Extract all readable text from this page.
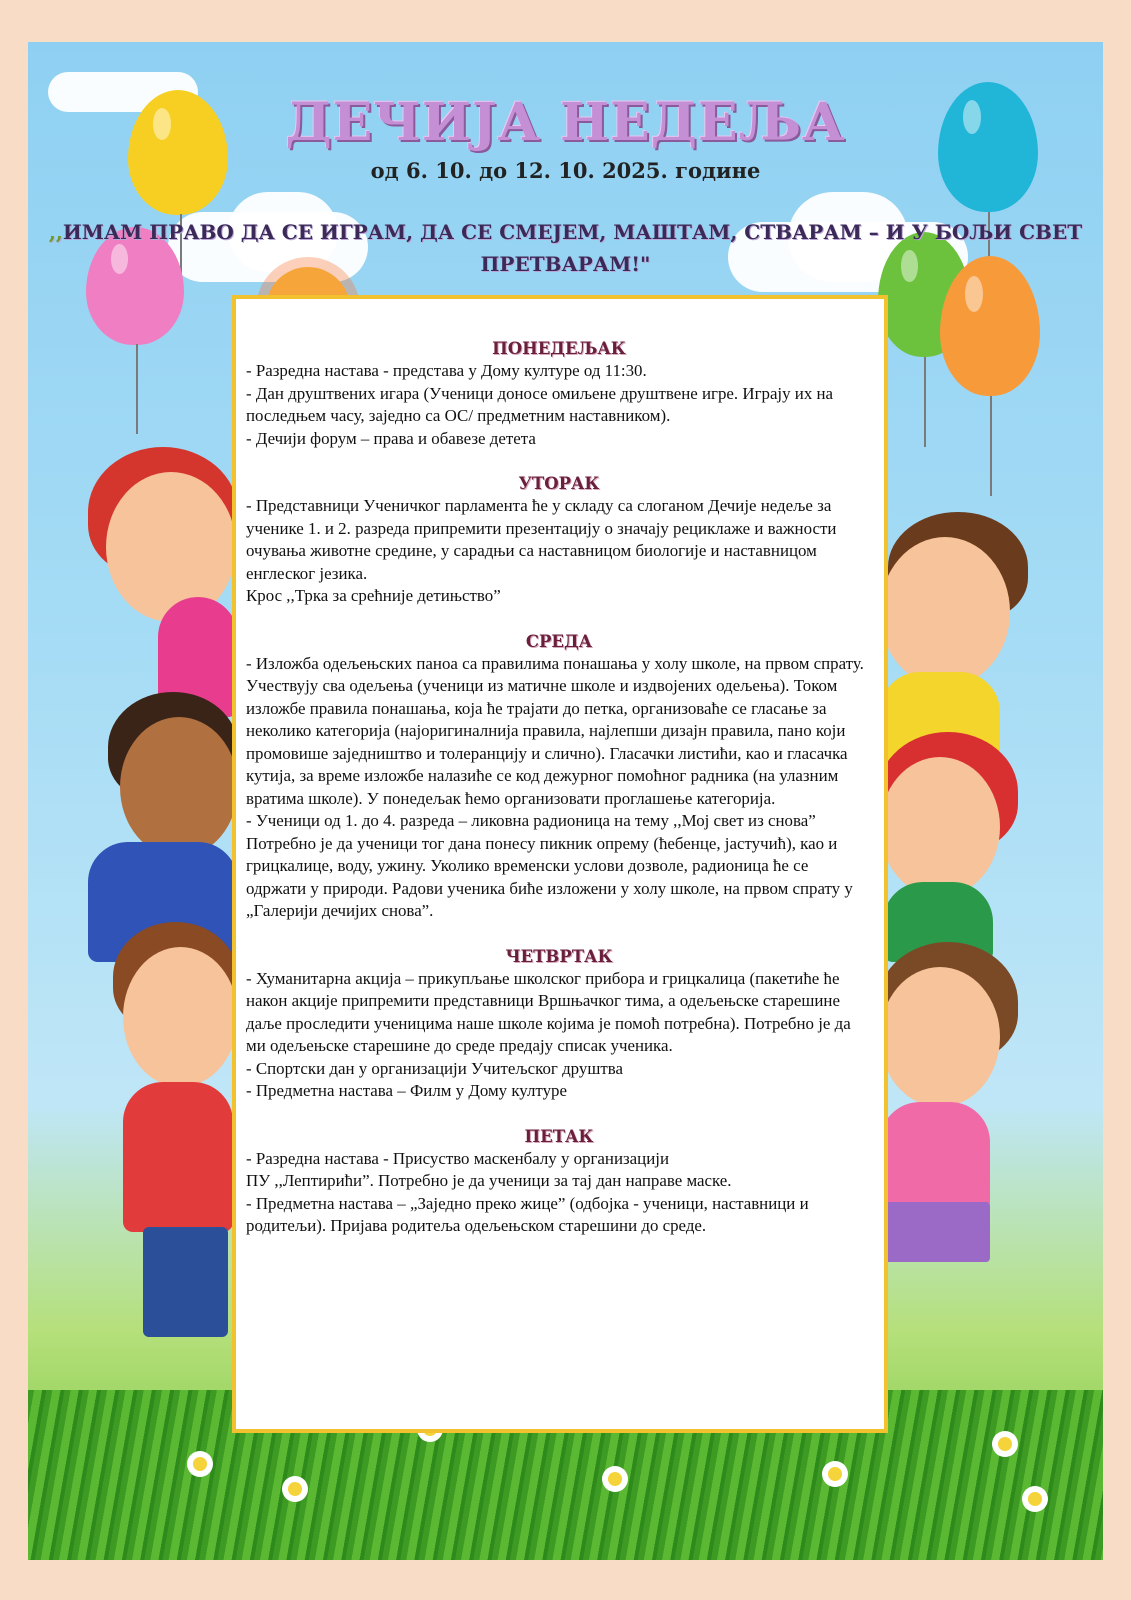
ДЕЧИЈА НЕДЕЉА
од 6. 10. до 12. 10. 2025. године
,,ИМАМ ПРАВО ДА СЕ ИГРАМ, ДА СЕ СМЕЈЕМ, МАШТАМ, СТВАРАМ – И У БОЉИ СВЕТ ПРЕТВАРАМ!"
ПОНЕДЕЉАК
- Разредна настава - представа у Дому културе од 11:30.
- Дан друштвених игара (Ученици доносе омиљене друштвене игре. Играју их на последњем часу, заједно са ОС/ предметним наставником).
- Дечији форум – права и обавезе детета
УТОРАК
- Представници Ученичког парламента ће у складу са слоганом Дечије недеље за ученике 1. и 2. разреда припремити презентацију о значају рециклаже и важности очувања животне средине, у сарадњи са наставницом биологије и наставницом енглеског језика.
Крос ,,Трка за срећније детињство”
СРЕДА
- Изложба одељењских паноа са правилима понашања у холу школе, на првом спрату. Учествују сва одељења (ученици из матичне школе и издвојених одељења). Током изложбе правила понашања, која ће трајати до петка, организоваће се гласање за неколико категорија (најоригиналнија правила, најлепши дизајн правила, пано који промовише заједништво и толеранцију и слично). Гласачки листићи, као и гласачка кутија, за време изложбе налазиће се код дежурног помоћног радника (на улазним вратима школе). У понедељак ћемо организовати проглашење категорија.
- Ученици од 1. до 4. разреда – ликовна радионица на тему ,,Мој свет из снова”
Потребно је да ученици тог дана понесу пикник опрему (ћебенце, јастучић), као и грицкалице, воду, ужину. Уколико временски услови дозволе, радионица ће се одржати у природи. Радови ученика биће изложени у холу школе, на првом спрату у „Галерији дечијих снова”.
ЧЕТВРТАК
- Хуманитарна акција – прикупљање школског прибора и грицкалица (пакетиће ће након акције припремити представници Вршњачког тима, а одељењске старешине даље проследити ученицима наше школе којима је помоћ потребна). Потребно је да ми одељењске старешине до среде предају списак ученика.
- Спортски дан у организацији Учитељског друштва
- Предметна настава – Филм у Дому културе
ПЕТАК
- Разредна настава - Присуство маскенбалу у организацији
ПУ ,,Лептирићи”. Потребно је да ученици за тај дан направе маске.
- Предметна настава – „Заједно преко жице” (одбојка - ученици, наставници и родитељи). Пријава родитеља одељењском старешини до среде.
